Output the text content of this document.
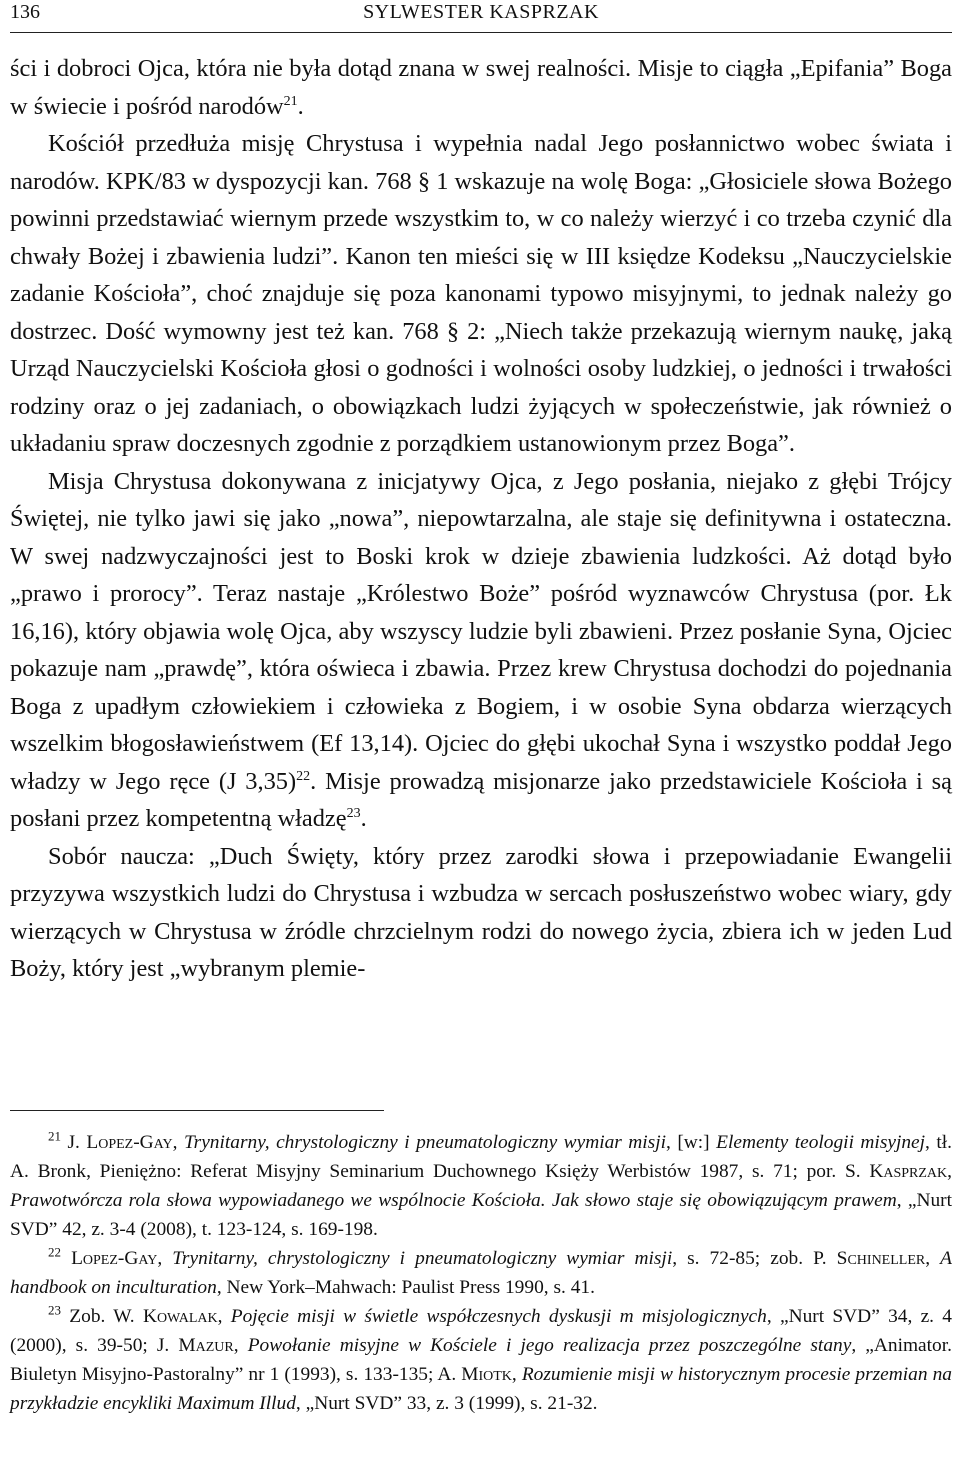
136	SYLWESTER KASPRZAK

ści i dobroci Ojca, która nie była dotąd znana w swej realności. Misje to ciągła „Epifania” Boga w świecie i pośród narodów$^{21}$.

Kościół przedłuża misję Chrystusa i wypełnia nadal Jego posłannictwo wobec świata i narodów. KPK/83 w dyspozycji kan. 768 § 1 wskazuje na wolę Boga: „Głosiciele słowa Bożego powinni przedstawiać wiernym przede wszystkim to, w co należy wierzyć i co trzeba czynić dla chwały Bożej i zbawienia ludzi”. Kanon ten mieści się w III księdze Kodeksu „Nauczycielskie zadanie Kościoła”, choć znajduje się poza kanonami typowo misyjnymi, to jednak należy go dostrzec. Dość wymowny jest też kan. 768 § 2: „Niech także przekazują wiernym naukę, jaką Urząd Nauczycielski Kościoła głosi o godności i wolności osoby ludzkiej, o jedności i trwałości rodziny oraz o jej zadaniach, o obowiązkach ludzi żyjących w społeczeństwie, jak również o układaniu spraw doczesnych zgodnie z porządkiem ustanowionym przez Boga”.

Misja Chrystusa dokonywana z inicjatywy Ojca, z Jego posłania, niejako z głębi Trójcy Świętej, nie tylko jawi się jako „nowa”, niepowtarzalna, ale staje się definitywna i ostateczna. W swej nadzwyczajności jest to Boski krok w dzieje zbawienia ludzkości. Aż dotąd było „prawo i prorocy”. Teraz nastaje „Królestwo Boże” pośród wyznawców Chrystusa (por. Łk 16,16), który objawia wolę Ojca, aby wszyscy ludzie byli zbawieni. Przez posłanie Syna, Ojciec pokazuje nam „prawdę”, która oświeca i zbawia. Przez krew Chrystusa dochodzi do pojednania Boga z upadłym człowiekiem i człowieka z Bogiem, i w osobie Syna obdarza wierzących wszelkim błogosławieństwem (Ef 13,14). Ojciec do głębi ukochał Syna i wszystko poddał Jego władzy w Jego ręce (J 3,35)$^{22}$. Misje prowadzą misjonarze jako przedstawiciele Kościoła i są posłani przez kompetentną władzę$^{23}$.

Sobór naucza: „Duch Święty, który przez zarodki słowa i przepowiadanie Ewangelii przyzywa wszystkich ludzi do Chrystusa i wzbudza w sercach posłuszeństwo wobec wiary, gdy wierzących w Chrystusa w źródle chrzcielnym rodzi do nowego życia, zbiera ich w jeden Lud Boży, który jest „wybranym plemie-

$^{21}$ J. Lopez-Gay, Trynitarny, chrystologiczny i pneumatologiczny wymiar misji, [w:] Elementy teologii misyjnej, tł. A. Bronk, Pieniężno: Referat Misyjny Seminarium Duchownego Księży Werbistów 1987, s. 71; por. S. Kasprzak, Prawotwórcza rola słowa wypowiadanego we wspólnocie Kościoła. Jak słowo staje się obowiązującym prawem, „Nurt SVD” 42, z. 3-4 (2008), t. 123-124, s. 169-198.

$^{22}$ Lopez-Gay, Trynitarny, chrystologiczny i pneumatologiczny wymiar misji, s. 72-85; zob. P. Schineller, A handbook on inculturation, New York–Mahwach: Paulist Press 1990, s. 41.

$^{23}$ Zob. W. Kowalak, Pojęcie misji w świetle współczesnych dyskusji m misjologicznych, „Nurt SVD” 34, z. 4 (2000), s. 39-50; J. Mazur, Powołanie misyjne w Kościele i jego realizacja przez poszczególne stany, „Animator. Biuletyn Misyjno-Pastoralny” nr 1 (1993), s. 133-135; A. Miotk, Rozumienie misji w historycznym procesie przemian na przykładzie encykliki Maximum Illud, „Nurt SVD” 33, z. 3 (1999), s. 21-32.
